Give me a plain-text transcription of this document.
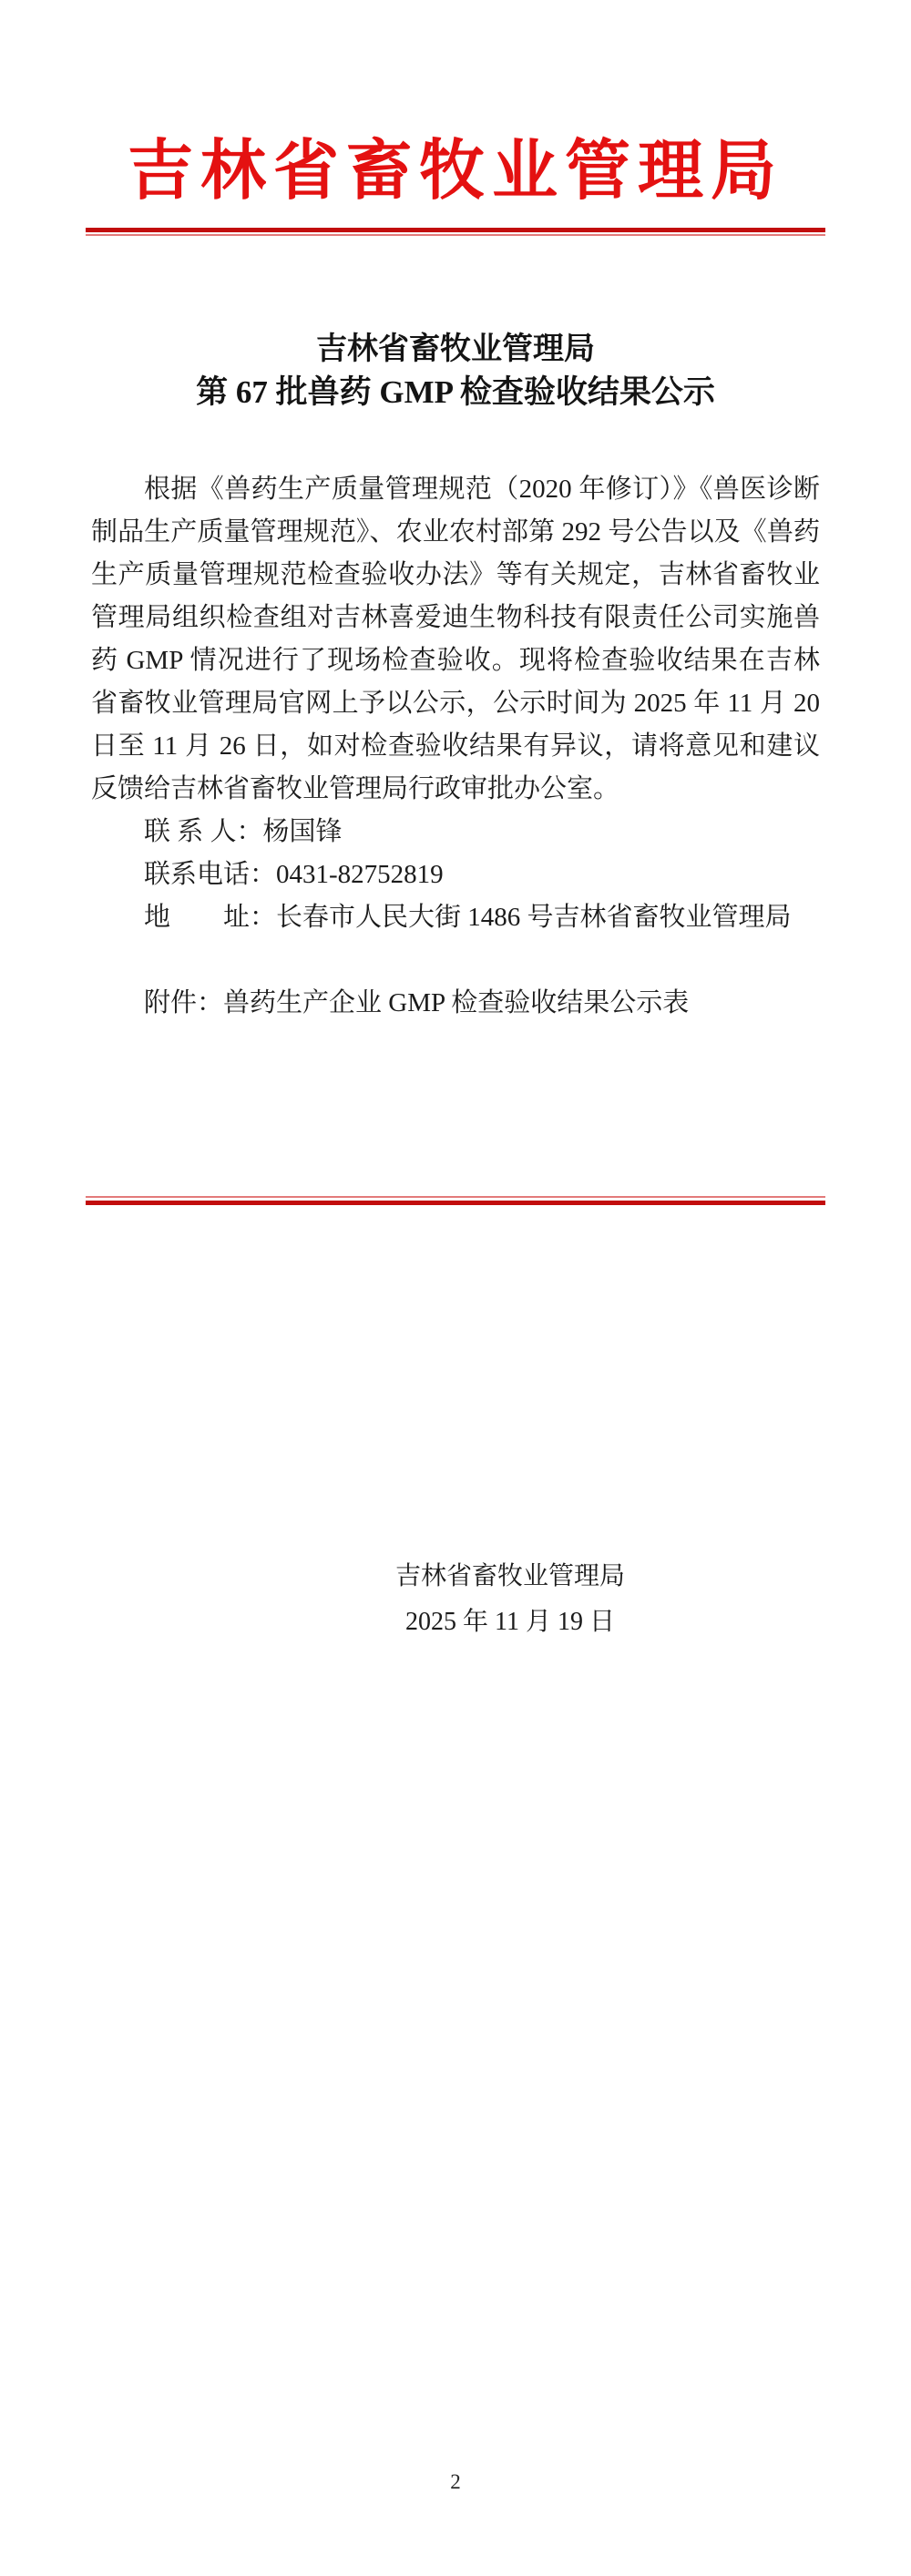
吉林省畜牧业管理局
吉林省畜牧业管理局
第 67 批兽药 GMP 检查验收结果公示

根据《兽药生产质量管理规范（2020 年修订）》《兽医诊断制品生产质量管理规范》、农业农村部第 292 号公告以及《兽药生产质量管理规范检查验收办法》等有关规定，吉林省畜牧业管理局组织检查组对吉林喜爱迪生物科技有限责任公司实施兽药 GMP 情况进行了现场检查验收。现将检查验收结果在吉林省畜牧业管理局官网上予以公示，公示时间为 2025 年 11 月 20 日至 11 月 26 日，如对检查验收结果有异议，请将意见和建议反馈给吉林省畜牧业管理局行政审批办公室。

联 系 人：杨国锋

联系电话：0431-82752819

地　　址：长春市人民大街 1486 号吉林省畜牧业管理局

附件：兽药生产企业 GMP 检查验收结果公示表

吉林省畜牧业管理局
2025 年 11 月 19 日
2
